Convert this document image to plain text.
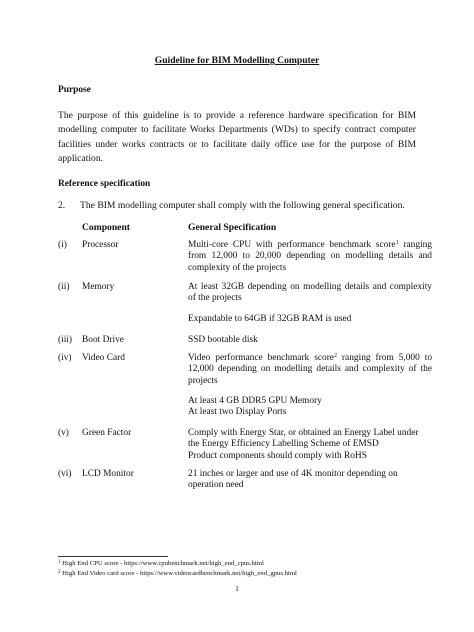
Guideline for BIM Modelling Computer
Purpose
The purpose of this guideline is to provide a reference hardware specification for BIM
modelling computer to facilitate Works Departments (WDs) to specify contract computer
facilities under works contracts or to facilitate daily office use for the purpose of BIM
application.
Reference specification
2. The BIM modelling computer shall comply with the following general specification.
Component	General Specification
(i) Processor	Multi-core CPU with performance benchmark score$^1$ ranging
from 12,000 to 20,000 depending on modelling details and
complexity of the projects
(ii) Memory	At least 32GB depending on modelling details and complexity
of the projects
Expandable to 64GB if 32GB RAM is used
(iii) Boot Drive	SSD bootable disk
(iv) Video Card	Video performance benchmark score$^2$ ranging from 5,000 to
12,000 depending on modelling details and complexity of the
projects
At least 4 GB DDR5 GPU Memory
At least two Display Ports
(v) Green Factor	Comply with Energy Star, or obtained an Energy Label under
the Energy Efficiency Labelling Scheme of EMSD
Product components should comply with RoHS
(vi) LCD Monitor	21 inches or larger and use of 4K monitor depending on
operation need
$^1$ High End CPU score - https://www.cpubenchmark.net/high_end_cpus.html
$^2$ High End Video card score - https://www.videocardbenchmark.net/high_end_gpus.html
1
